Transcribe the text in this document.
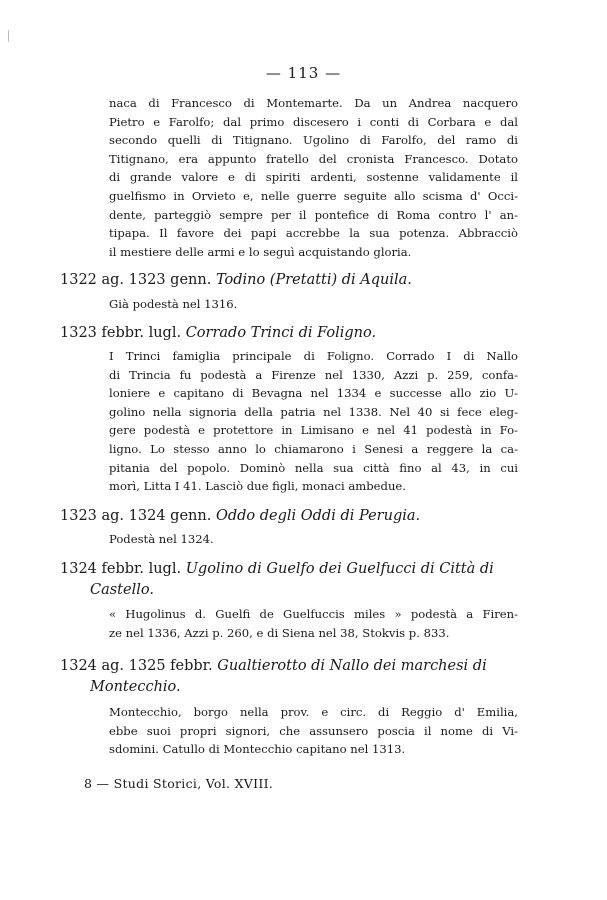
— 113 —
naca di Francesco di Montemarte. Da un Andrea nacquero
Pietro e Farolfo; dal primo discesero i conti di Corbara e dal
secondo quelli di Titignano. Ugolino di Farolfo, del ramo di
Titignano, era appunto fratello del cronista Francesco. Dotato
di grande valore e di spiriti ardenti, sostenne validamente il
guelfismo in Orvieto e, nelle guerre seguite allo scisma d' Occi-
dente, parteggiò sempre per il pontefice di Roma contro l' an-
tipapa. Il favore dei papi accrebbe la sua potenza. Abbracciò
il mestiere delle armi e lo seguì acquistando gloria.
1322 ag. 1323 genn. Todino (Pretatti) di Aquila.
Già podestà nel 1316.
1323 febbr. lugl. Corrado Trinci di Foligno.
I Trinci famiglia principale di Foligno. Corrado I di Nallo
di Trincia fu podestà a Firenze nel 1330, Azzi p. 259, confa-
loniere e capitano di Bevagna nel 1334 e successe allo zio U-
golino nella signoria della patria nel 1338. Nel 40 si fece eleg-
gere podestà e protettore in Limisano e nel 41 podestà in Fo-
ligno. Lo stesso anno lo chiamarono i Senesi a reggere la ca-
pitania del popolo. Dominò nella sua città fino al 43, in cui
morì, Litta I 41. Lasciò due figli, monaci ambedue.
1323 ag. 1324 genn. Oddo degli Oddi di Perugia.
Podestà nel 1324.
1324 febbr. lugl. Ugolino di Guelfo dei Guelfucci di Città di
Castello.
« Hugolinus d. Guelfi de Guelfuccis miles » podestà a Firen-
ze nel 1336, Azzi p. 260, e di Siena nel 38, Stokvis p. 833.
1324 ag. 1325 febbr. Gualtierotto di Nallo dei marchesi di
Montecchio.
Montecchio, borgo nella prov. e circ. di Reggio d' Emilia,
ebbe suoi propri signori, che assunsero poscia il nome di Vi-
sdomini. Catullo di Montecchio capitano nel 1313.
8 — Studi Storici, Vol. XVIII.
